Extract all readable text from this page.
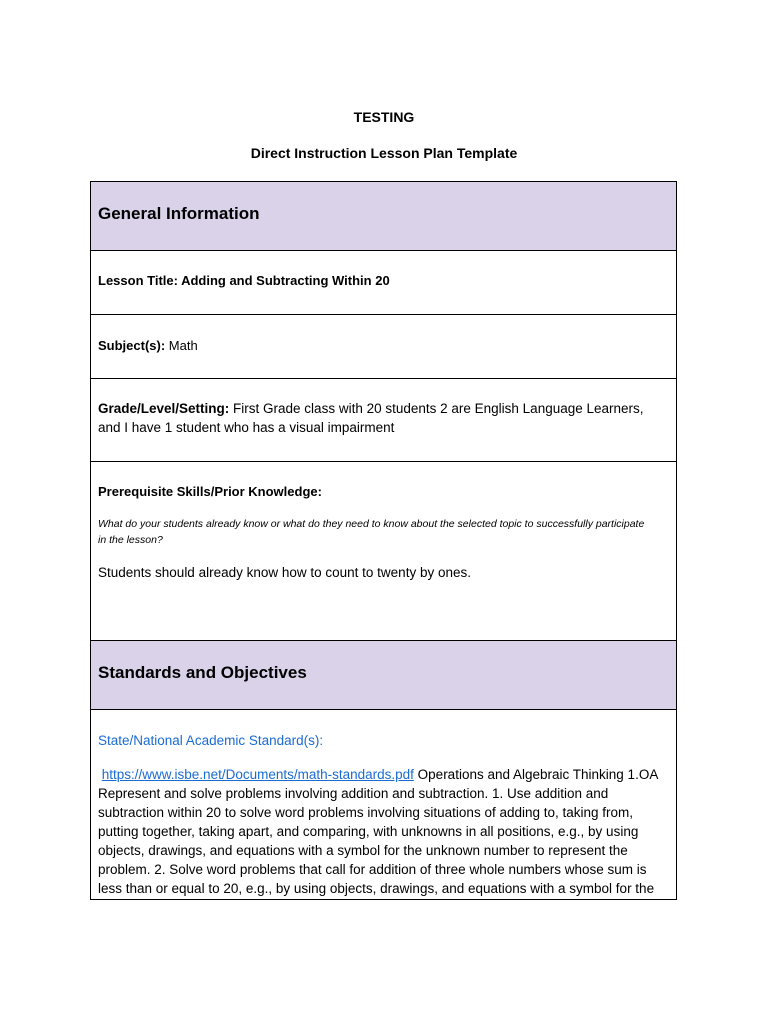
TESTING
Direct Instruction Lesson Plan Template
General Information
Lesson Title: Adding and Subtracting Within 20
Subject(s): Math
Grade/Level/Setting: First Grade class with 20 students 2 are English Language Learners, and I have 1 student who has a visual impairment
Prerequisite Skills/Prior Knowledge:
What do your students already know or what do they need to know about the selected topic to successfully participate in the lesson?
Students should already know how to count to twenty by ones.
Standards and Objectives
State/National Academic Standard(s):
https://www.isbe.net/Documents/math-standards.pdf Operations and Algebraic Thinking 1.OA Represent and solve problems involving addition and subtraction. 1. Use addition and subtraction within 20 to solve word problems involving situations of adding to, taking from, putting together, taking apart, and comparing, with unknowns in all positions, e.g., by using objects, drawings, and equations with a symbol for the unknown number to represent the problem. 2. Solve word problems that call for addition of three whole numbers whose sum is less than or equal to 20, e.g., by using objects, drawings, and equations with a symbol for the
